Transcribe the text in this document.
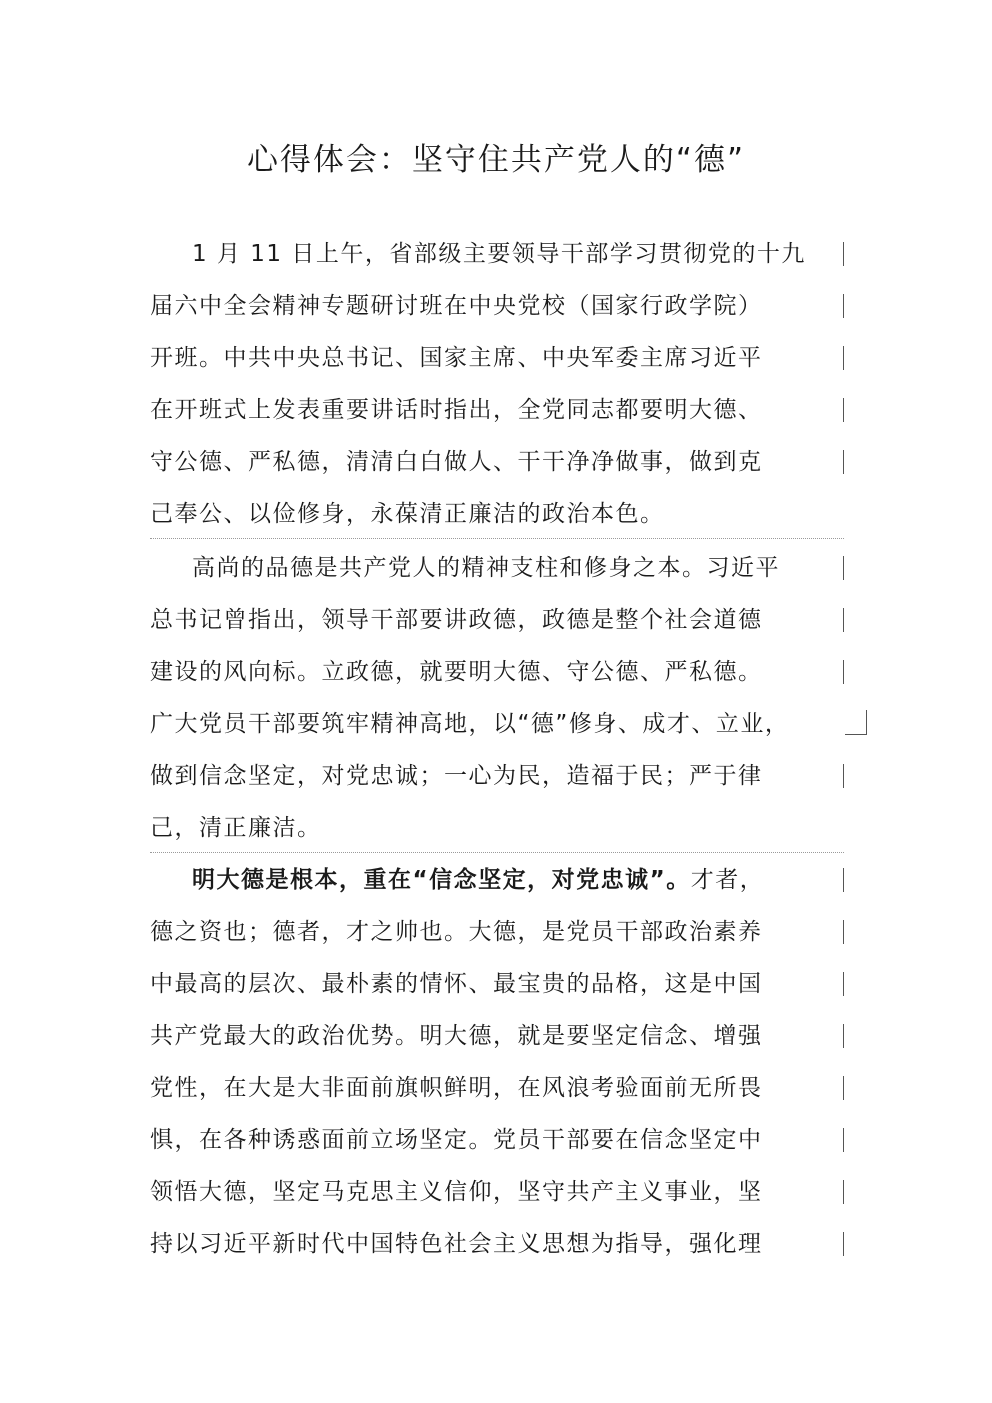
心得体会：坚守住共产党人的“德”
1 月 11 日上午，省部级主要领导干部学习贯彻党的十九
届六中全会精神专题研讨班在中央党校（国家行政学院）
开班。中共中央总书记、国家主席、中央军委主席习近平
在开班式上发表重要讲话时指出，全党同志都要明大德、
守公德、严私德，清清白白做人、干干净净做事，做到克
己奉公、以俭修身，永葆清正廉洁的政治本色。
高尚的品德是共产党人的精神支柱和修身之本。习近平
总书记曾指出，领导干部要讲政德，政德是整个社会道德
建设的风向标。立政德，就要明大德、守公德、严私德。
广大党员干部要筑牢精神高地，以“德”修身、成才、立业，
做到信念坚定，对党忠诚；一心为民，造福于民；严于律
己，清正廉洁。
明大德是根本，重在“信念坚定，对党忠诚”。才者，
德之资也；德者，才之帅也。大德，是党员干部政治素养
中最高的层次、最朴素的情怀、最宝贵的品格，这是中国
共产党最大的政治优势。明大德，就是要坚定信念、增强
党性，在大是大非面前旗帜鲜明，在风浪考验面前无所畏
惧，在各种诱惑面前立场坚定。党员干部要在信念坚定中
领悟大德，坚定马克思主义信仰，坚守共产主义事业，坚
持以习近平新时代中国特色社会主义思想为指导，强化理
